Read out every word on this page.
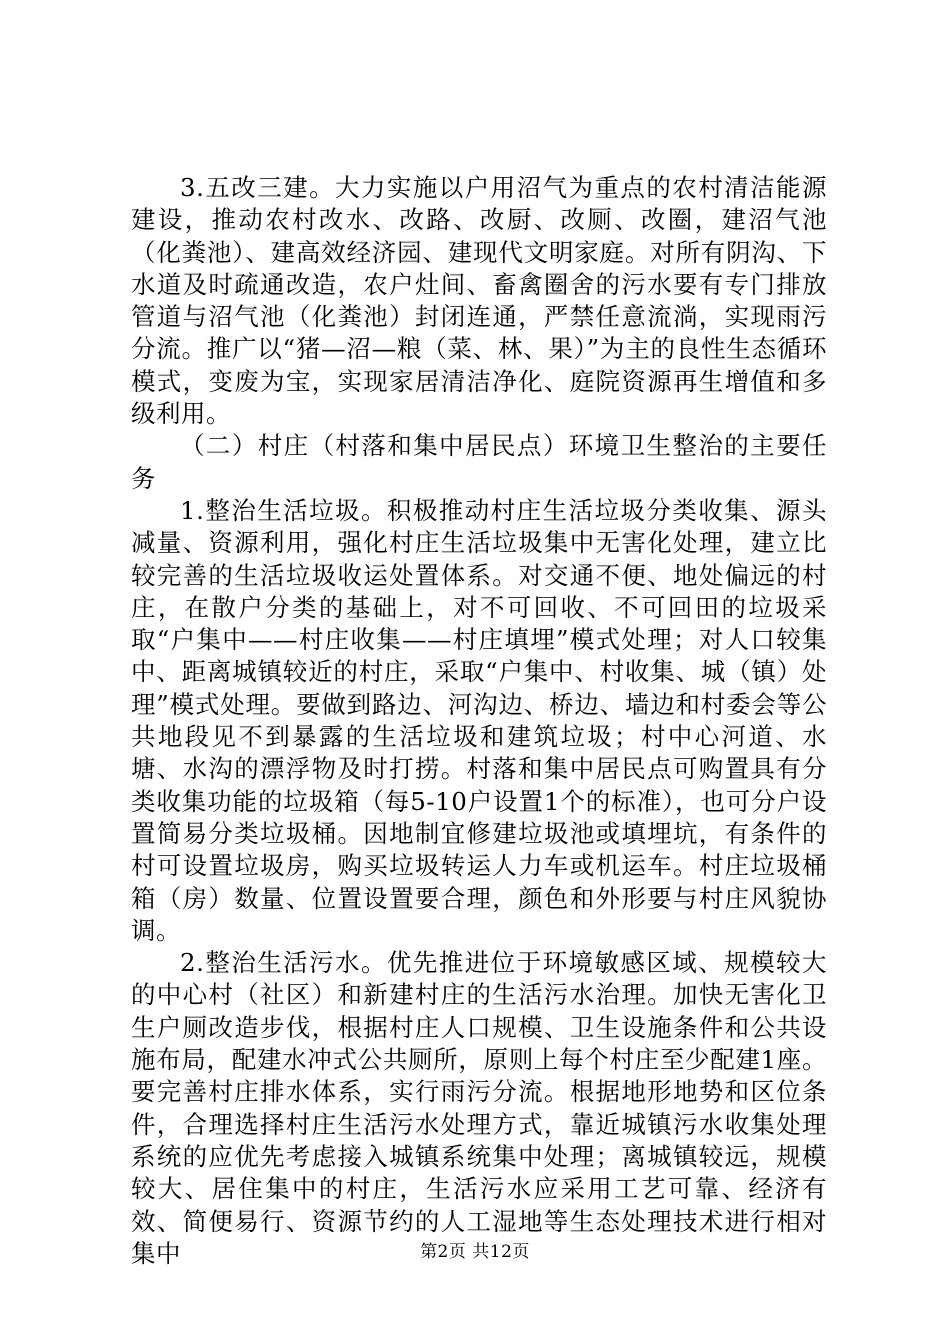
3.五改三建。大力实施以户用沼气为重点的农村清洁能源建设，推动农村改水、改路、改厨、改厕、改圈，建沼气池（化粪池）、建高效经济园、建现代文明家庭。对所有阴沟、下水道及时疏通改造，农户灶间、畜禽圈舍的污水要有专门排放管道与沼气池（化粪池）封闭连通，严禁任意流淌，实现雨污分流。推广以“猪—沼—粮（菜、林、果）”为主的良性生态循环模式，变废为宝，实现家居清洁净化、庭院资源再生增值和多级利用。

（二）村庄（村落和集中居民点）环境卫生整治的主要任务

1.整治生活垃圾。积极推动村庄生活垃圾分类收集、源头减量、资源利用，强化村庄生活垃圾集中无害化处理，建立比较完善的生活垃圾收运处置体系。对交通不便、地处偏远的村庄，在散户分类的基础上，对不可回收、不可回田的垃圾采取“户集中——村庄收集——村庄填埋”模式处理；对人口较集中、距离城镇较近的村庄，采取“户集中、村收集、城（镇）处理”模式处理。要做到路边、河沟边、桥边、墙边和村委会等公共地段见不到暴露的生活垃圾和建筑垃圾；村中心河道、水塘、水沟的漂浮物及时打捞。村落和集中居民点可购置具有分类收集功能的垃圾箱（每5-10户设置1个的标准），也可分户设置简易分类垃圾桶。因地制宜修建垃圾池或填埋坑，有条件的村可设置垃圾房，购买垃圾转运人力车或机运车。村庄垃圾桶箱（房）数量、位置设置要合理，颜色和外形要与村庄风貌协调。

2.整治生活污水。优先推进位于环境敏感区域、规模较大的中心村（社区）和新建村庄的生活污水治理。加快无害化卫生户厕改造步伐，根据村庄人口规模、卫生设施条件和公共设施布局，配建水冲式公共厕所，原则上每个村庄至少配建1座。要完善村庄排水体系，实行雨污分流。根据地形地势和区位条件，合理选择村庄生活污水处理方式，靠近城镇污水收集处理系统的应优先考虑接入城镇系统集中处理；离城镇较远，规模较大、居住集中的村庄，生活污水应采用工艺可靠、经济有效、简便易行、资源节约的人工湿地等生态处理技术进行相对集中	第2页 共12页
